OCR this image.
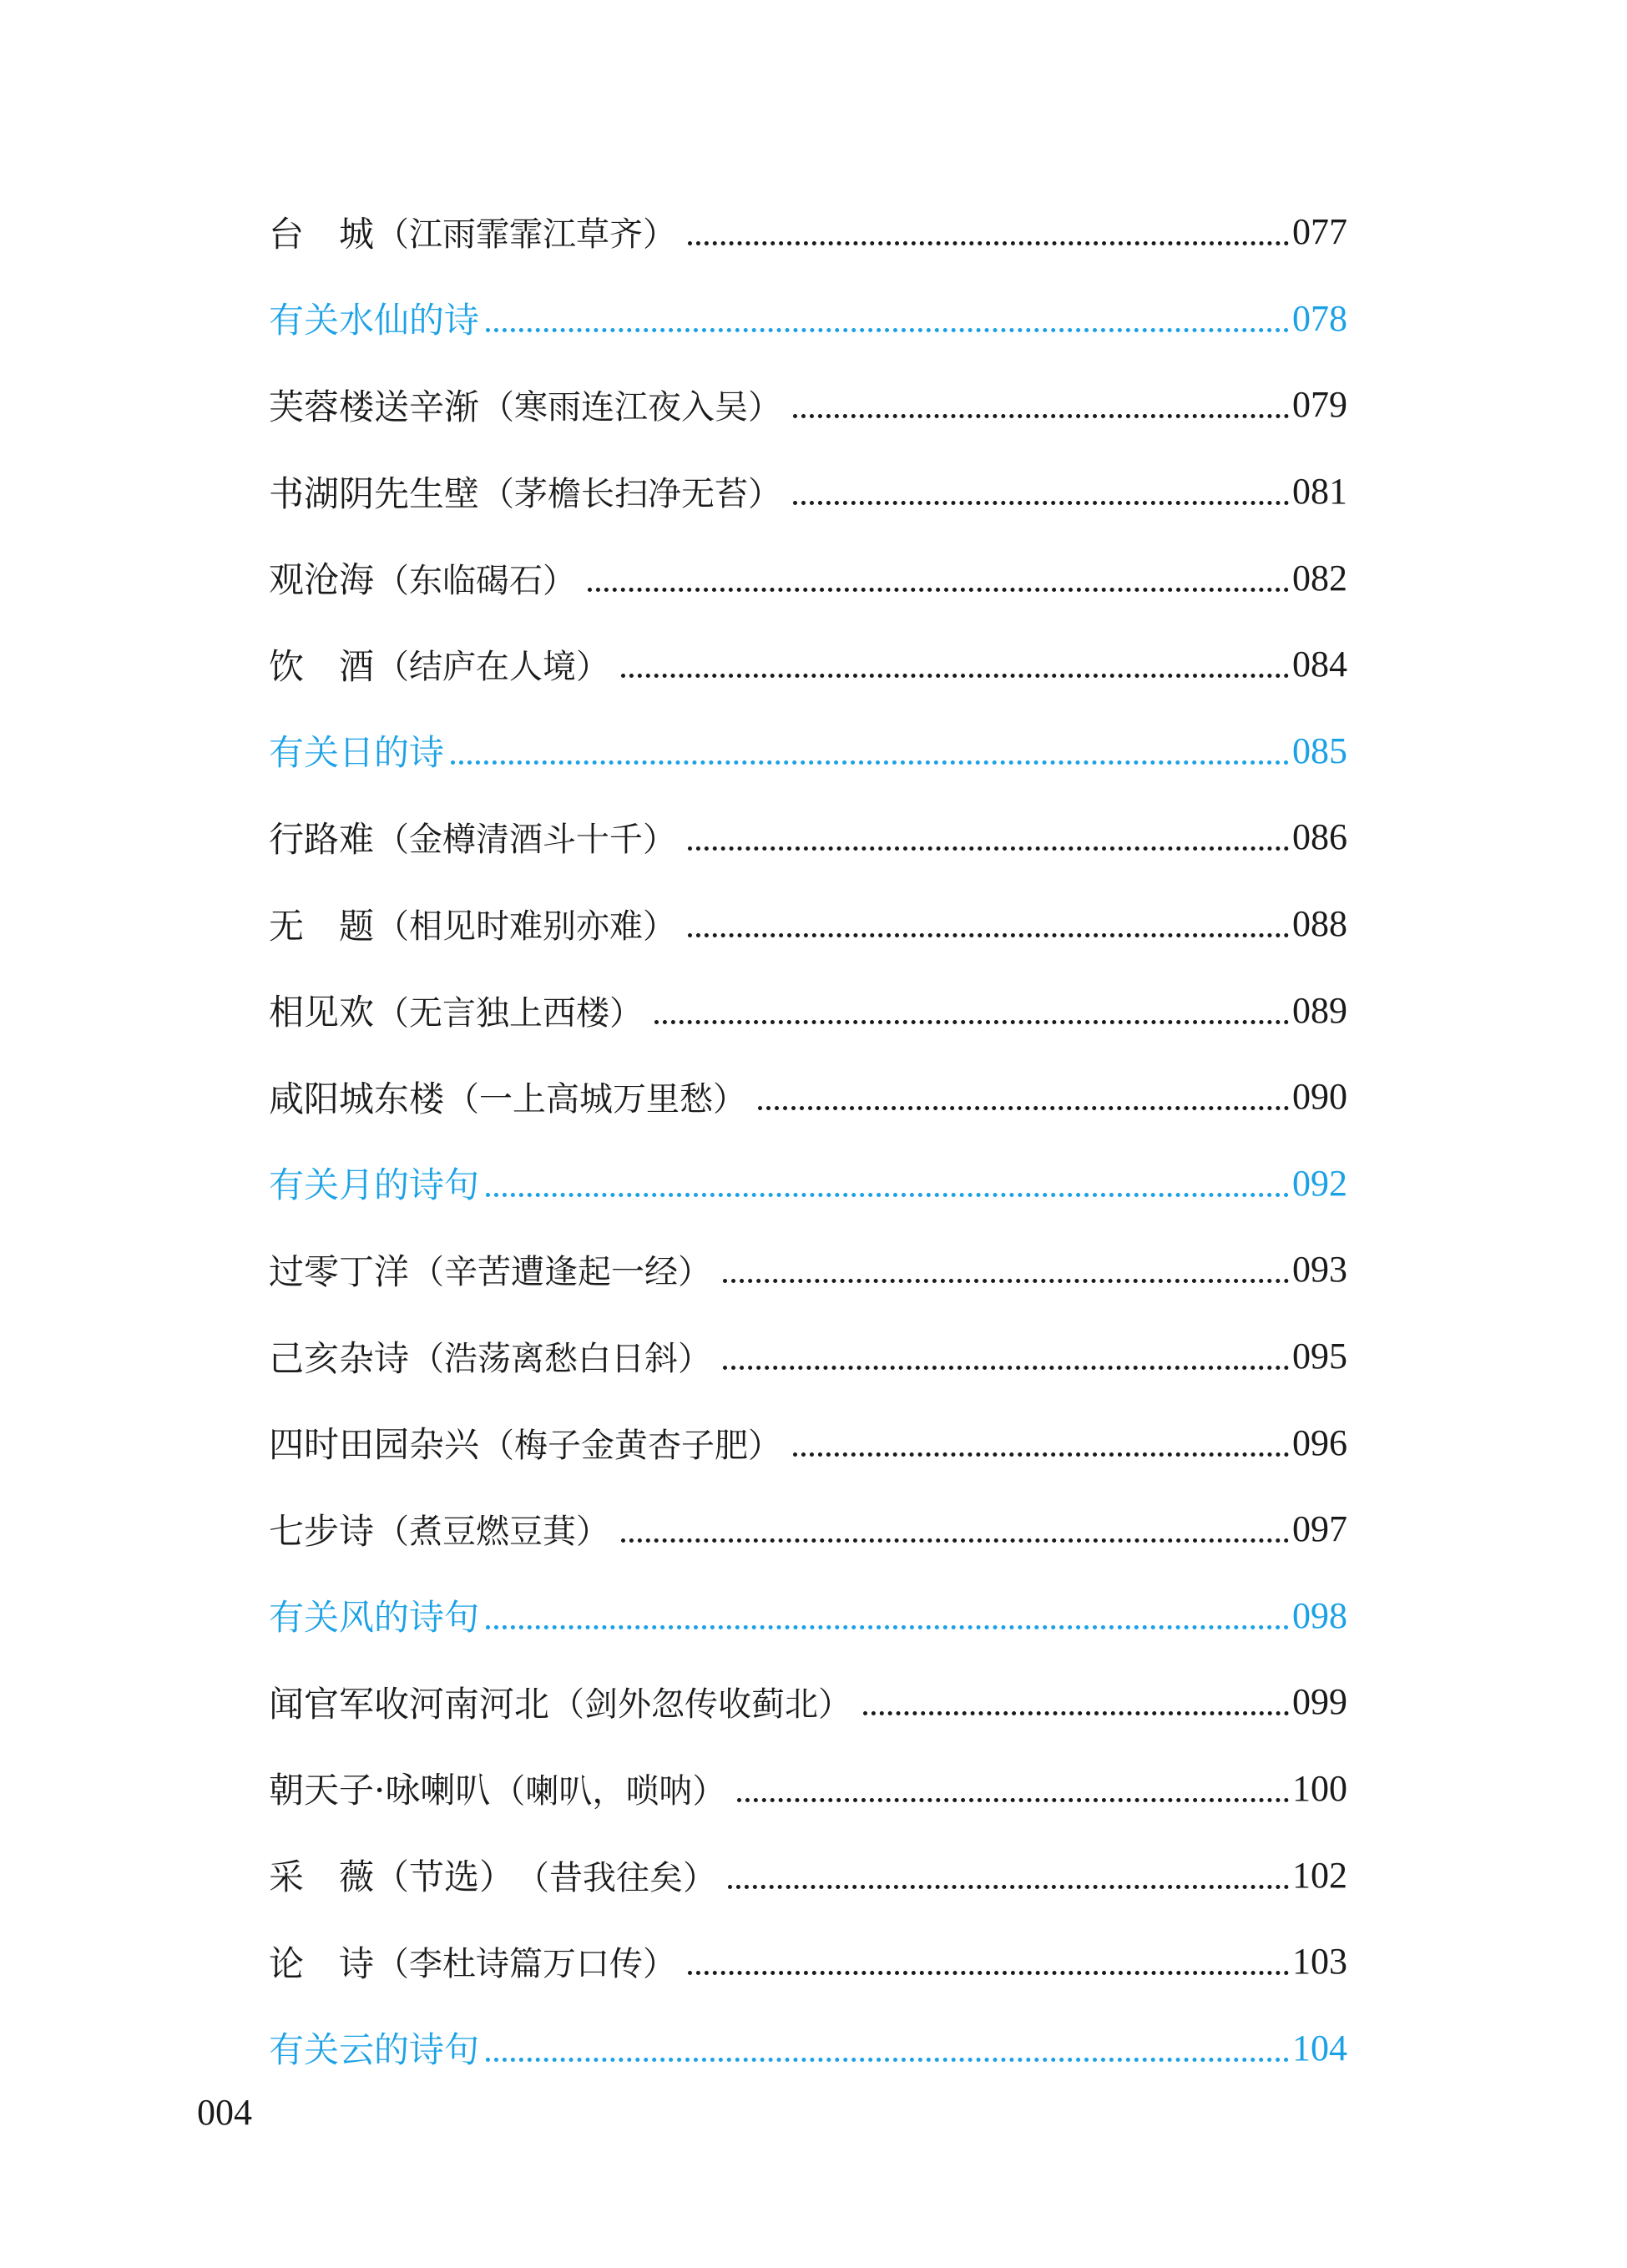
台　城 （江雨霏霏江草齐）	077
有关水仙的诗	078
芙蓉楼送辛渐 （寒雨连江夜入吴）	079
书湖阴先生壁 （茅檐长扫净无苔）	081
观沧海 （东临碣石）	082
饮　酒 （结庐在人境）	084
有关日的诗	085
行路难 （金樽清酒斗十千）	086
无　题 （相见时难别亦难）	088
相见欢 （无言独上西楼）	089
咸阳城东楼 （一上高城万里愁）	090
有关月的诗句	092
过零丁洋 （辛苦遭逢起一经）	093
己亥杂诗 （浩荡离愁白日斜）	095
四时田园杂兴 （梅子金黄杏子肥）	096
七步诗 （煮豆燃豆萁）	097
有关风的诗句	098
闻官军收河南河北 （剑外忽传收蓟北）	099
朝天子·咏喇叭 （喇叭，唢呐）	100
采　薇（节选） （昔我往矣）	102
论　诗 （李杜诗篇万口传）	103
有关云的诗句	104
004
